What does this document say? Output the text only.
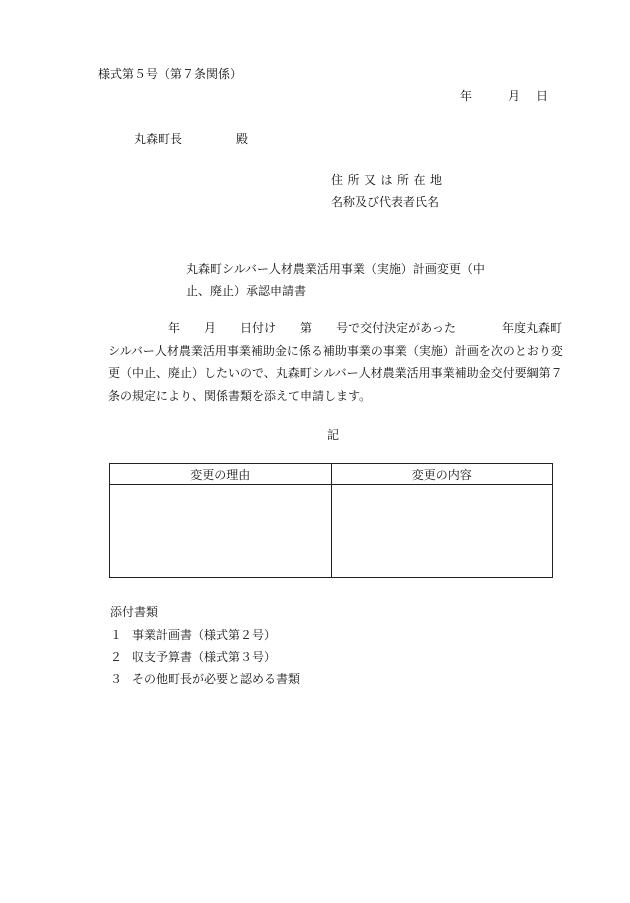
様式第５号（第７条関係）
年	月 日
丸森町長	殿
住所又は所在地
名称及び代表者氏名
丸森町シルバー人材農業活用事業（実施）計画変更（中止、廃止）承認申請書
年 月 日付け 第 号で交付決定があった	年度丸森町シルバー人材農業活用事業補助金に係る補助事業の事業（実施）計画を次のとおり変更（中止、廃止）したいので、丸森町シルバー人材農業活用事業補助金交付要綱第７条の規定により、関係書類を添えて申請します。
記
変更の理由	変更の内容

添付書類
１ 事業計画書（様式第２号）
２ 収支予算書（様式第３号）
３ その他町長が必要と認める書類
